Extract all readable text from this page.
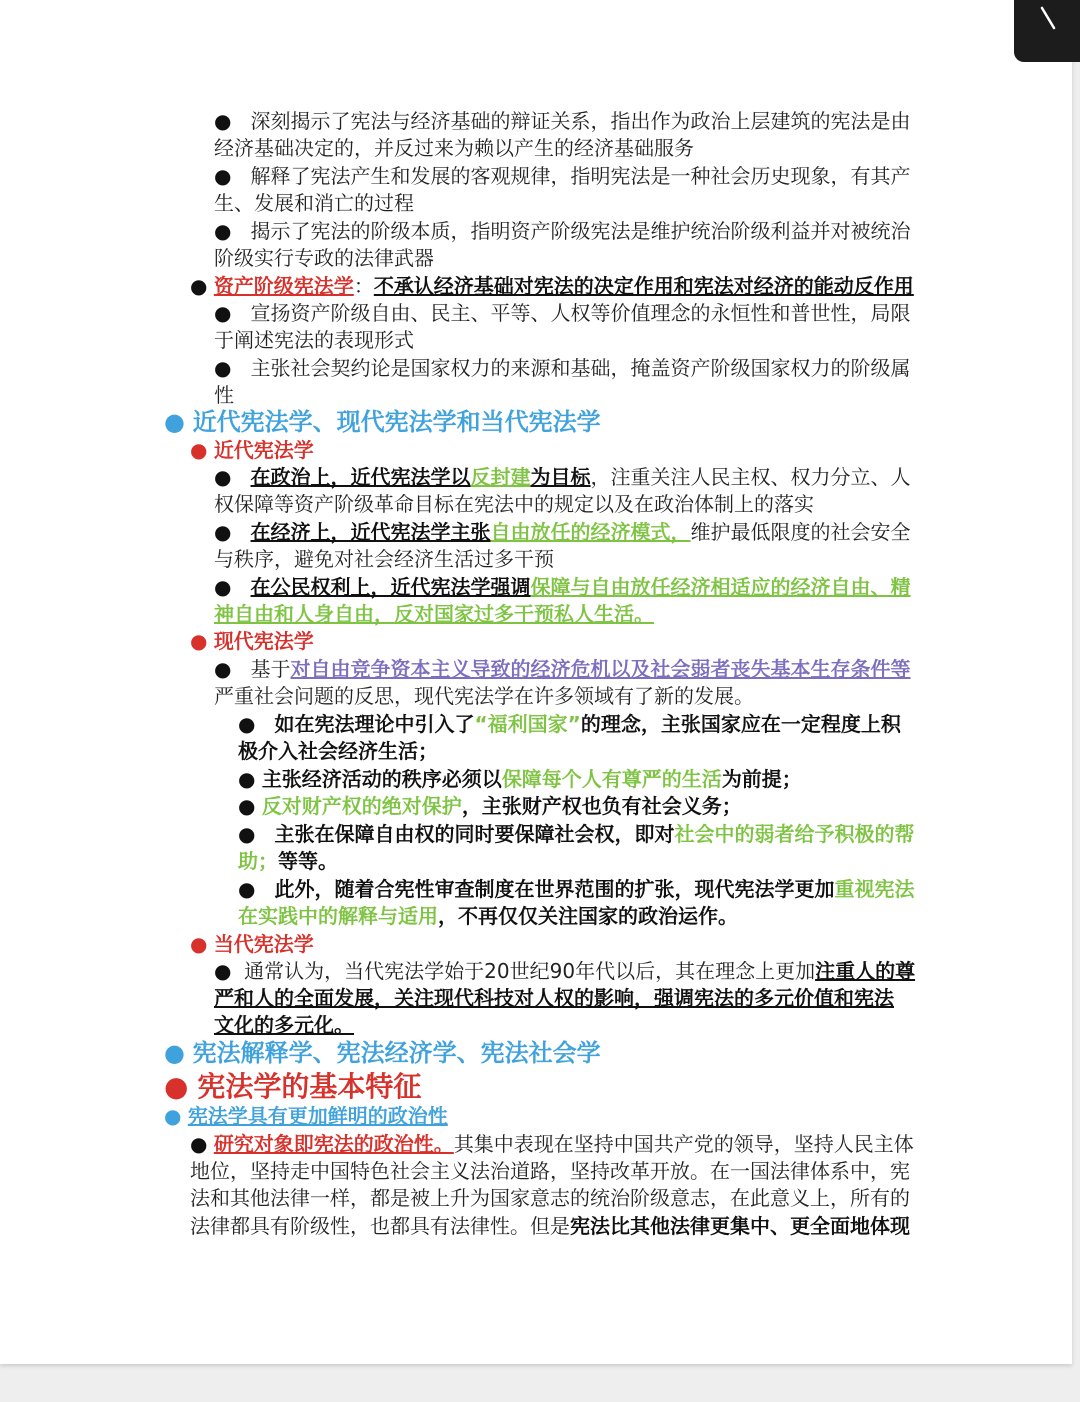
● 深刻揭示了宪法与经济基础的辩证关系，指出作为政治上层建筑的宪法是由
经济基础决定的，并反过来为赖以产生的经济基础服务
● 解释了宪法产生和发展的客观规律，指明宪法是一种社会历史现象，有其产
生、发展和消亡的过程
● 揭示了宪法的阶级本质，指明资产阶级宪法是维护统治阶级利益并对被统治
阶级实行专政的法律武器
● 资产阶级宪法学：不承认经济基础对宪法的决定作用和宪法对经济的能动反作用
● 宣扬资产阶级自由、民主、平等、人权等价值理念的永恒性和普世性，局限
于阐述宪法的表现形式
● 主张社会契约论是国家权力的来源和基础，掩盖资产阶级国家权力的阶级属
性
● 近代宪法学、现代宪法学和当代宪法学
● 近代宪法学
● 在政治上，近代宪法学以反封建为目标，注重关注人民主权、权力分立、人
权保障等资产阶级革命目标在宪法中的规定以及在政治体制上的落实
● 在经济上，近代宪法学主张自由放任的经济模式，维护最低限度的社会安全
与秩序，避免对社会经济生活过多干预
● 在公民权利上，近代宪法学强调保障与自由放任经济相适应的经济自由、精
神自由和人身自由，反对国家过多干预私人生活。
● 现代宪法学
● 基于对自由竞争资本主义导致的经济危机以及社会弱者丧失基本生存条件等
严重社会问题的反思，现代宪法学在许多领域有了新的发展。
● 如在宪法理论中引入了“福利国家”的理念，主张国家应在一定程度上积
极介入社会经济生活；
● 主张经济活动的秩序必须以保障每个人有尊严的生活为前提；
● 反对财产权的绝对保护，主张财产权也负有社会义务；
● 主张在保障自由权的同时要保障社会权，即对社会中的弱者给予积极的帮
助；等等。
● 此外，随着合宪性审查制度在世界范围的扩张，现代宪法学更加重视宪法
在实践中的解释与适用，不再仅仅关注国家的政治运作。
● 当代宪法学
● 通常认为，当代宪法学始于20世纪90年代以后，其在理念上更加注重人的尊
严和人的全面发展，关注现代科技对人权的影响，强调宪法的多元价值和宪法
文化的多元化。
● 宪法解释学、宪法经济学、宪法社会学
● 宪法学的基本特征
● 宪法学具有更加鲜明的政治性
● 研究对象即宪法的政治性。其集中表现在坚持中国共产党的领导，坚持人民主体
地位，坚持走中国特色社会主义法治道路，坚持改革开放。在一国法律体系中，宪
法和其他法律一样，都是被上升为国家意志的统治阶级意志，在此意义上，所有的
法律都具有阶级性，也都具有法律性。但是宪法比其他法律更集中、更全面地体现
